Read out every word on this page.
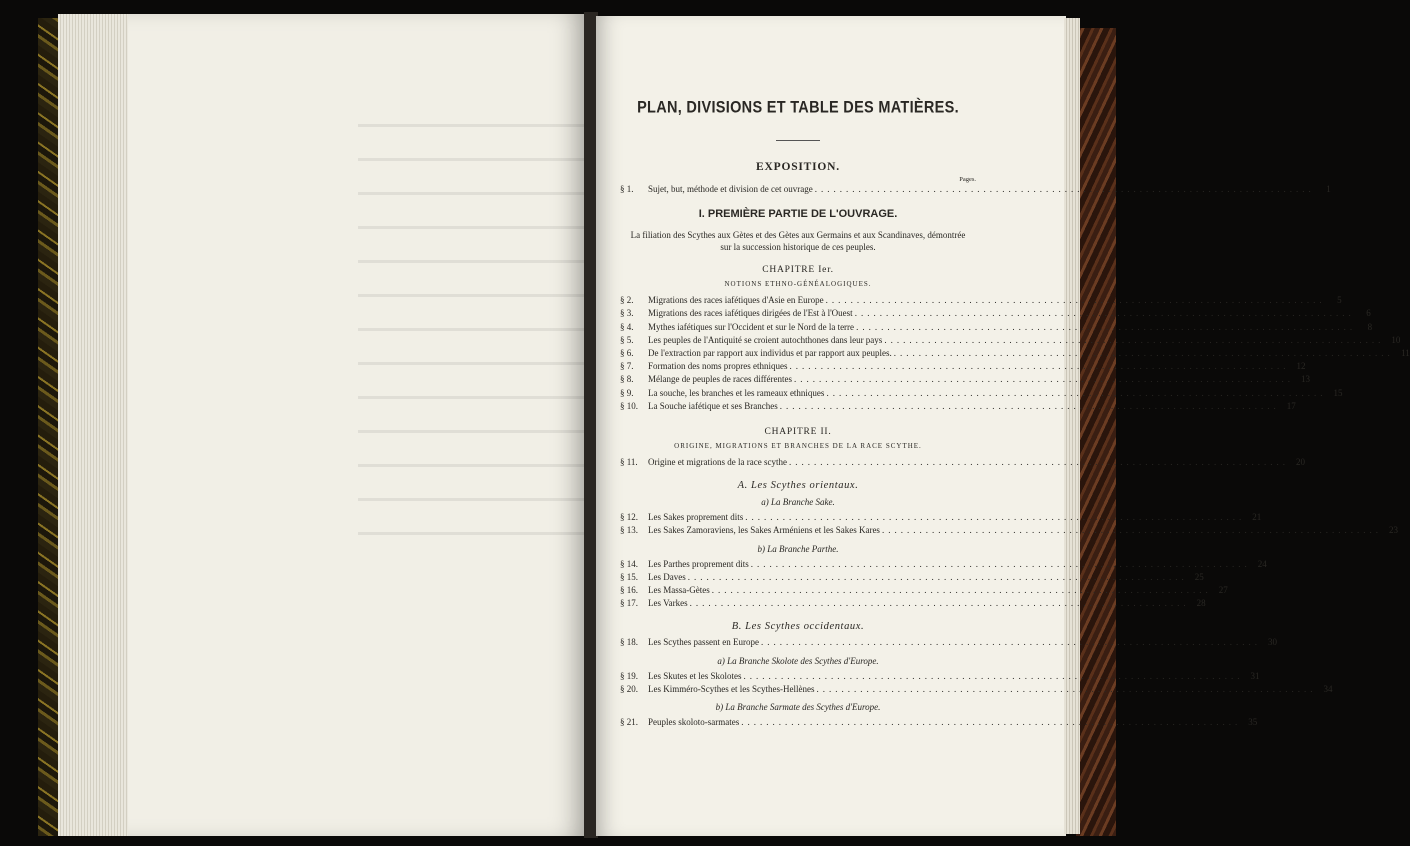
PLAN, DIVISIONS ET TABLE DES MATIÈRES.
EXPOSITION.
Pages.
§ 1.	Sujet, but, méthode et division de cet ouvrage ................................................................................	1
I. PREMIÈRE PARTIE DE L'OUVRAGE.
La filiation des Scythes aux Gètes et des Gètes aux Germains et aux Scandinaves, démontrée
sur la succession historique de ces peuples.
CHAPITRE Ier.
NOTIONS ETHNO-GÉNÉALOGIQUES.
§ 2.	Migrations des races iafétiques d'Asie en Europe ................................................................................	5
§ 3.	Migrations des races iafétiques dirigées de l'Est à l'Ouest ................................................................................	6
§ 4.	Mythes iafétiques sur l'Occident et sur le Nord de la terre ................................................................................	8
§ 5.	Les peuples de l'Antiquité se croient autochthones dans leur pays ................................................................................ 10
§ 6.	De l'extraction par rapport aux individus et par rapport aux peuples. ................................................................................ 11
§ 7.	Formation des noms propres ethniques ................................................................................ 12
§ 8.	Mélange de peuples de races différentes ................................................................................ 13
§ 9.	La souche, les branches et les rameaux ethniques ................................................................................ 15
§ 10.	La Souche iafétique et ses Branches ................................................................................ 17
CHAPITRE II.
ORIGINE, MIGRATIONS ET BRANCHES DE LA RACE SCYTHE.
§ 11.	Origine et migrations de la race scythe ................................................................................ 20
A. Les Scythes orientaux.
a) La Branche Sake.
§ 12.	Les Sakes proprement dits ................................................................................ 21
§ 13.	Les Sakes Zamoraviens, les Sakes Arméniens et les Sakes Kares ................................................................................ 23
b) La Branche Parthe.
§ 14.	Les Parthes proprement dits ................................................................................ 24
§ 15.	Les Daves ................................................................................ 25
§ 16.	Les Massa-Gètes ................................................................................ 27
§ 17.	Les Varkes ................................................................................ 28
B. Les Scythes occidentaux.
§ 18.	Les Scythes passent en Europe ................................................................................ 30
a) La Branche Skolote des Scythes d'Europe.
§ 19.	Les Skutes et les Skolotes ................................................................................ 31
§ 20.	Les Kimméro-Scythes et les Scythes-Hellènes ................................................................................ 34
b) La Branche Sarmate des Scythes d'Europe.
§ 21.	Peuples skoloto-sarmates ................................................................................ 35
